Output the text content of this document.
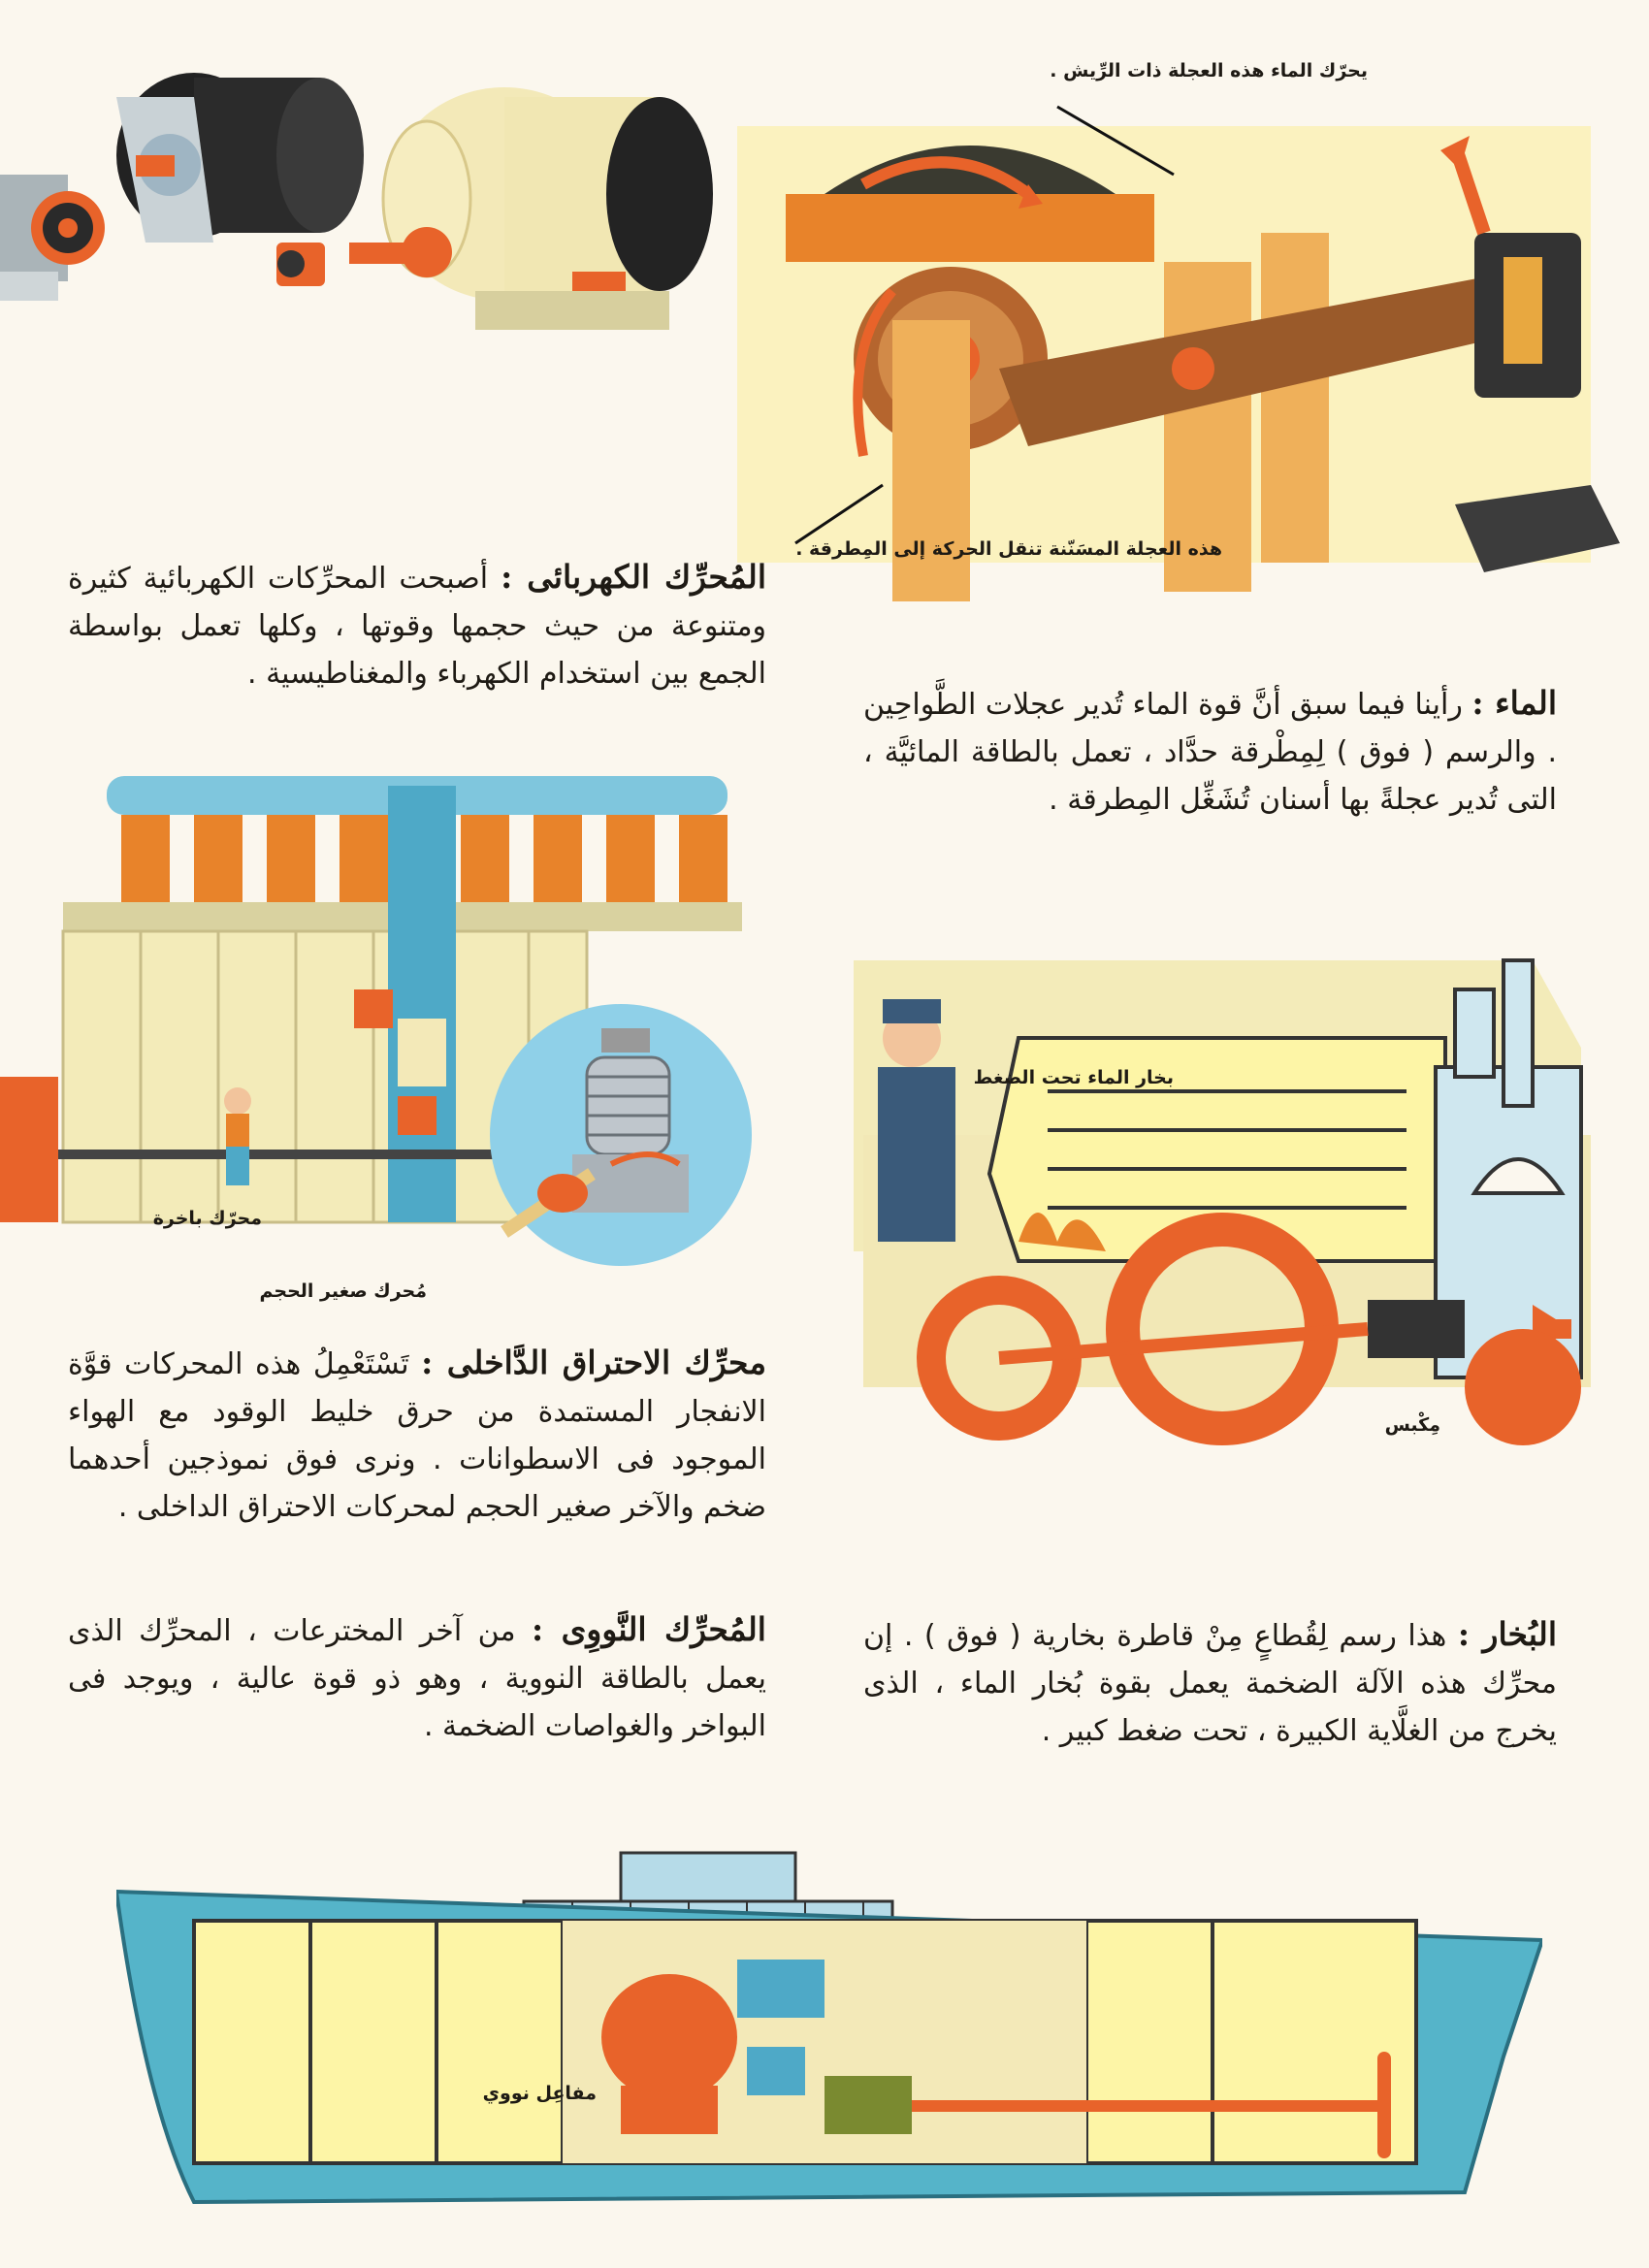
يحرّك الماء هذه العجلة ذات الرِّيش .
هذه العجلة المسَنّنة تنقل الحركة إلى المِطرقة .
المُحرِّك الكهربائى : أصبحت المحرِّكات الكهربائية كثيرة ومتنوعة من حيث حجمها وقوتها ، وكلها تعمل بواسطة الجمع بين استخدام الكهرباء والمغناطيسية .
الماء : رأينا فيما سبق أنَّ قوة الماء تُدير عجلات الطَّواحِين . والرسم ( فوق ) لِمِطْرقة حدَّاد ، تعمل بالطاقة المائيَّة ، التى تُدير عجلةً بها أسنان تُشَغِّل المِطرقة .
محرّك باخرة
مُحرك صغير الحجم
بخار الماء تحت الضغط
مِكْبس
محرِّك الاحتراق الدَّاخلى : تَسْتَعْمِلُ هذه المحركات قوَّة الانفجار المستمدة من حرق خليط الوقود مع الهواء الموجود فى الاسطوانات . ونرى فوق نموذجين أحدهما ضخم والآخر صغير الحجم لمحركات الاحتراق الداخلى .
المُحرِّك النَّووِى : من آخر المخترعات ، المحرِّك الذى يعمل بالطاقة النووية ، وهو ذو قوة عالية ، ويوجد فى البواخر والغواصات الضخمة .
البُخار : هذا رسم لِقُطاعٍ مِنْ قاطرة بخارية ( فوق ) . إن محرِّك هذه الآلة الضخمة يعمل بقوة بُخار الماء ، الذى يخرج من الغلَّاية الكبيرة ، تحت ضغط كبير .
مفاعِل نووي
